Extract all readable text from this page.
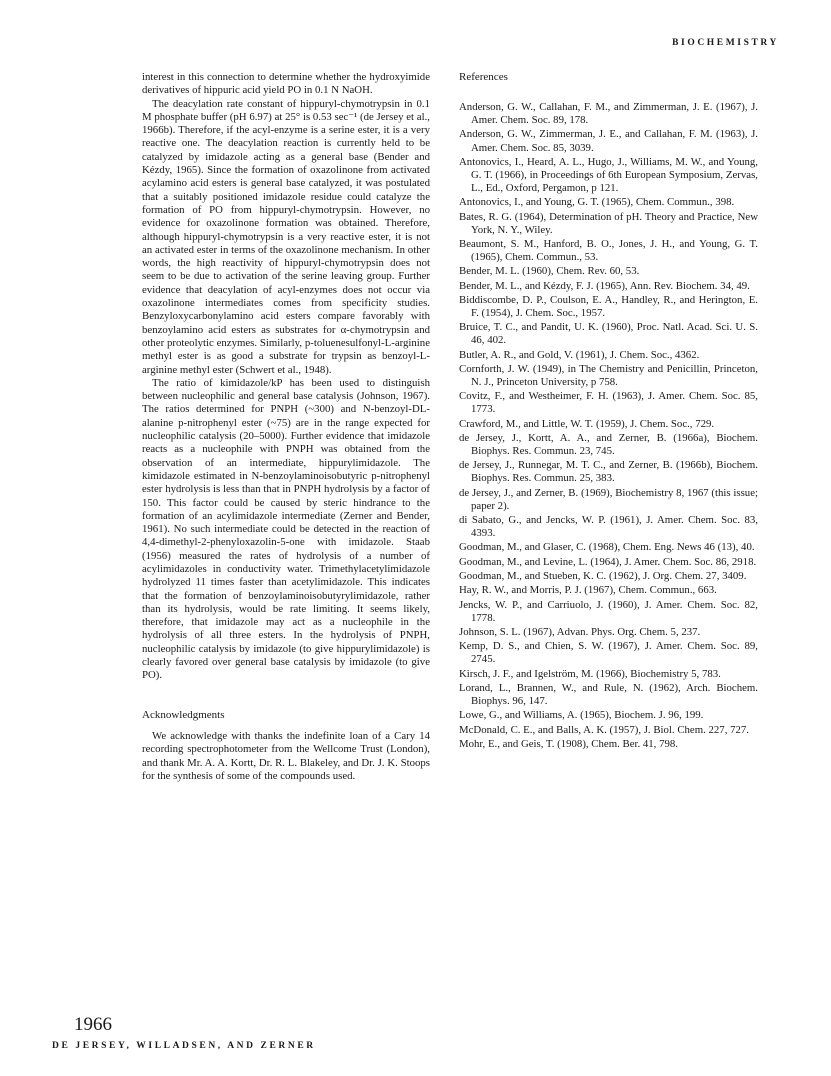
BIOCHEMISTRY

interest in this connection to determine whether the hydroxyimide derivatives of hippuric acid yield PO in 0.1 N NaOH.

The deacylation rate constant of hippuryl-chymotrypsin in 0.1 M phosphate buffer (pH 6.97) at 25° is 0.53 sec⁻¹ (de Jersey et al., 1966b). Therefore, if the acyl-enzyme is a serine ester, it is a very reactive one. The deacylation reaction is currently held to be catalyzed by imidazole acting as a general base (Bender and Kézdy, 1965). Since the formation of oxazolinone from activated acylamino acid esters is general base catalyzed, it was postulated that a suitably positioned imidazole residue could catalyze the formation of PO from hippuryl-chymotrypsin. However, no evidence for oxazolinone formation was obtained. Therefore, although hippuryl-chymotrypsin is a very reactive ester, it is not an activated ester in terms of the oxazolinone mechanism. In other words, the high reactivity of hippuryl-chymotrypsin does not seem to be due to activation of the serine leaving group. Further evidence that deacylation of acyl-enzymes does not occur via oxazolinone intermediates comes from specificity studies. Benzyloxycarbonylamino acid esters compare favorably with benzoylamino acid esters as substrates for α-chymotrypsin and other proteolytic enzymes. Similarly, p-toluenesulfonyl-L-arginine methyl ester is as good a substrate for trypsin as benzoyl-L-arginine methyl ester (Schwert et al., 1948).

The ratio of kimidazole/kP has been used to distinguish between nucleophilic and general base catalysis (Johnson, 1967). The ratios determined for PNPH (~300) and N-benzoyl-DL-alanine p-nitrophenyl ester (~75) are in the range expected for nucleophilic catalysis (20–5000). Further evidence that imidazole reacts as a nucleophile with PNPH was obtained from the observation of an intermediate, hippurylimidazole. The kimidazole estimated in N-benzoylaminoisobutyric p-nitrophenyl ester hydrolysis is less than that in PNPH hydrolysis by a factor of 150. This factor could be caused by steric hindrance to the formation of an acylimidazole intermediate (Zerner and Bender, 1961). No such intermediate could be detected in the reaction of 4,4-dimethyl-2-phenyloxazolin-5-one with imidazole. Staab (1956) measured the rates of hydrolysis of a number of acylimidazoles in conductivity water. Trimethylacetylimidazole hydrolyzed 11 times faster than acetylimidazole. This indicates that the formation of benzoylaminoisobutyrylimidazole, rather than its hydrolysis, would be rate limiting. It seems likely, therefore, that imidazole may act as a nucleophile in the hydrolysis of all three esters. In the hydrolysis of PNPH, nucleophilic catalysis by imidazole (to give hippurylimidazole) is clearly favored over general base catalysis by imidazole (to give PO).

Acknowledgments

We acknowledge with thanks the indefinite loan of a Cary 14 recording spectrophotometer from the Wellcome Trust (London), and thank Mr. A. A. Kortt, Dr. R. L. Blakeley, and Dr. J. K. Stoops for the synthesis of some of the compounds used.

References

Anderson, G. W., Callahan, F. M., and Zimmerman, J. E. (1967), J. Amer. Chem. Soc. 89, 178.

Anderson, G. W., Zimmerman, J. E., and Callahan, F. M. (1963), J. Amer. Chem. Soc. 85, 3039.

Antonovics, I., Heard, A. L., Hugo, J., Williams, M. W., and Young, G. T. (1966), in Proceedings of 6th European Symposium, Zervas, L., Ed., Oxford, Pergamon, p 121.

Antonovics, I., and Young, G. T. (1965), Chem. Commun., 398.

Bates, R. G. (1964), Determination of pH. Theory and Practice, New York, N. Y., Wiley.

Beaumont, S. M., Hanford, B. O., Jones, J. H., and Young, G. T. (1965), Chem. Commun., 53.

Bender, M. L. (1960), Chem. Rev. 60, 53.

Bender, M. L., and Kézdy, F. J. (1965), Ann. Rev. Biochem. 34, 49.

Biddiscombe, D. P., Coulson, E. A., Handley, R., and Herington, E. F. (1954), J. Chem. Soc., 1957.

Bruice, T. C., and Pandit, U. K. (1960), Proc. Natl. Acad. Sci. U. S. 46, 402.

Butler, A. R., and Gold, V. (1961), J. Chem. Soc., 4362.

Cornforth, J. W. (1949), in The Chemistry and Penicillin, Princeton, N. J., Princeton University, p 758.

Covitz, F., and Westheimer, F. H. (1963), J. Amer. Chem. Soc. 85, 1773.

Crawford, M., and Little, W. T. (1959), J. Chem. Soc., 729.

de Jersey, J., Kortt, A. A., and Zerner, B. (1966a), Biochem. Biophys. Res. Commun. 23, 745.

de Jersey, J., Runnegar, M. T. C., and Zerner, B. (1966b), Biochem. Biophys. Res. Commun. 25, 383.

de Jersey, J., and Zerner, B. (1969), Biochemistry 8, 1967 (this issue; paper 2).

di Sabato, G., and Jencks, W. P. (1961), J. Amer. Chem. Soc. 83, 4393.

Goodman, M., and Glaser, C. (1968), Chem. Eng. News 46 (13), 40.

Goodman, M., and Levine, L. (1964), J. Amer. Chem. Soc. 86, 2918.

Goodman, M., and Stueben, K. C. (1962), J. Org. Chem. 27, 3409.

Hay, R. W., and Morris, P. J. (1967), Chem. Commun., 663.

Jencks, W. P., and Carriuolo, J. (1960), J. Amer. Chem. Soc. 82, 1778.

Johnson, S. L. (1967), Advan. Phys. Org. Chem. 5, 237.

Kemp, D. S., and Chien, S. W. (1967), J. Amer. Chem. Soc. 89, 2745.

Kirsch, J. F., and Igelström, M. (1966), Biochemistry 5, 783.

Lorand, L., Brannen, W., and Rule, N. (1962), Arch. Biochem. Biophys. 96, 147.

Lowe, G., and Williams, A. (1965), Biochem. J. 96, 199.

McDonald, C. E., and Balls, A. K. (1957), J. Biol. Chem. 227, 727.

Mohr, E., and Geis, T. (1908), Chem. Ber. 41, 798.

1966
DE JERSEY, WILLADSEN, AND ZERNER
